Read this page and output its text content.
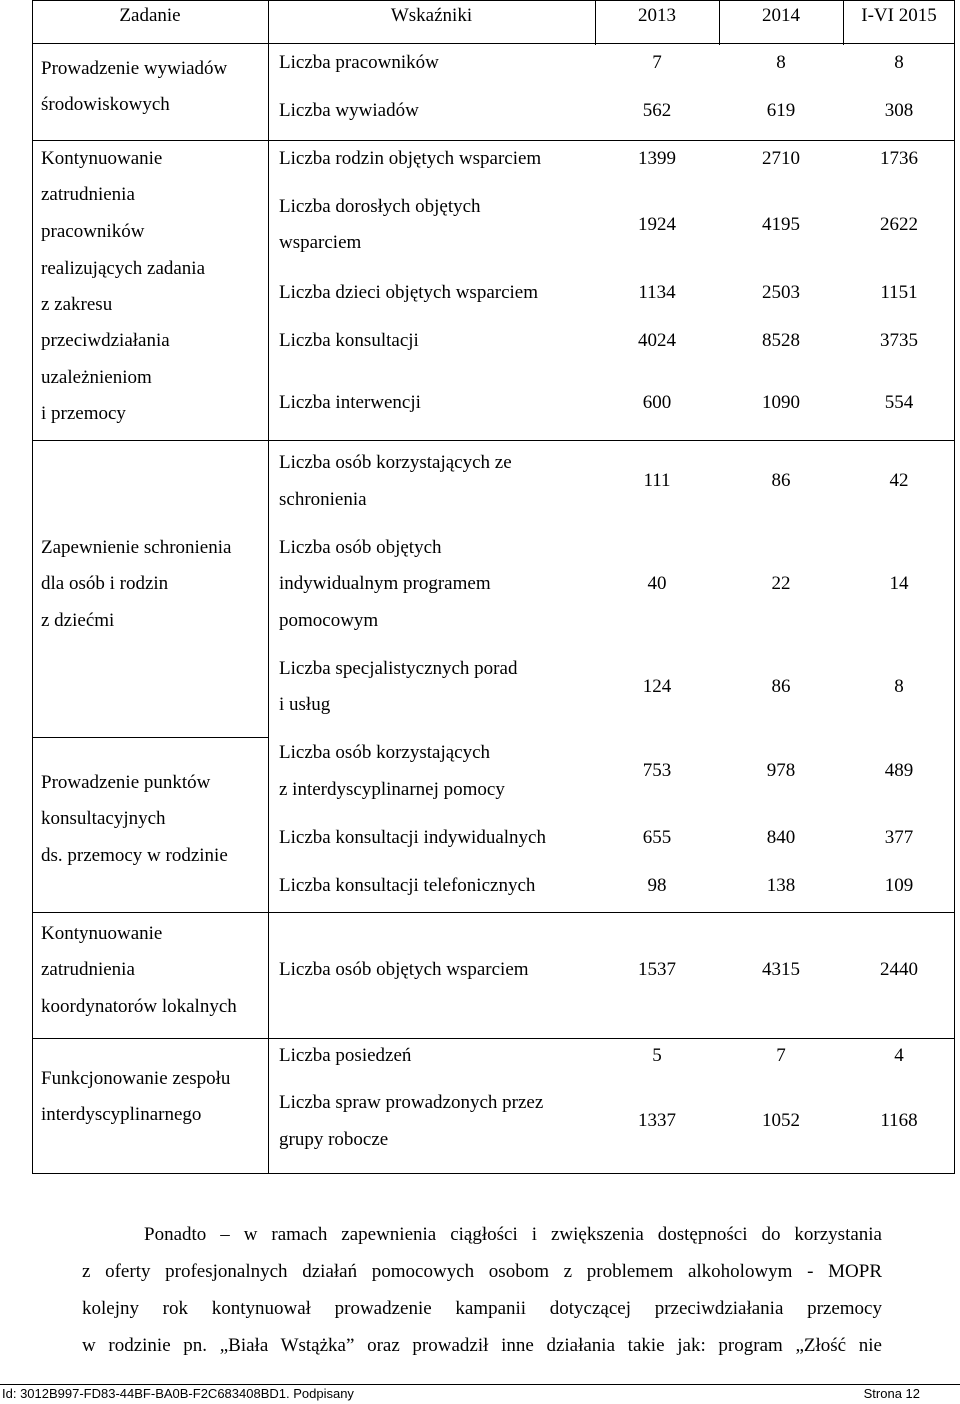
Zadanie	Wskaźniki	2013	2014	I-VI 2015
Prowadzenie wywiadów
środowiskowych
Liczba pracowników	7	8	8
Liczba wywiadów	562	619	308
Kontynuowanie
zatrudnienia
pracowników
realizujących zadania
z zakresu
przeciwdziałania
uzależnieniom
i przemocy
Liczba rodzin objętych wsparciem	1399	2710	1736
Liczba dorosłych objętych
wsparciem
1924	4195	2622
Liczba dzieci objętych wsparciem	1134	2503	1151
Liczba konsultacji	4024	8528	3735
Liczba interwencji	600	1090	554
Zapewnienie schronienia
dla osób i rodzin
z dziećmi
Liczba osób korzystających ze
schronienia
111	86	42
Liczba osób objętych
indywidualnym programem
pomocowym
40	22	14
Liczba specjalistycznych porad
i usług
124	86	8
Prowadzenie punktów
konsultacyjnych
ds. przemocy w rodzinie
Liczba osób korzystających
z interdyscyplinarnej pomocy
753	978	489
Liczba konsultacji indywidualnych	655	840	377
Liczba konsultacji telefonicznych	98	138	109
Kontynuowanie
zatrudnienia
koordynatorów lokalnych
Liczba osób objętych wsparciem	1537	4315	2440
Funkcjonowanie zespołu
interdyscyplinarnego
Liczba posiedzeń	5	7	4
Liczba spraw prowadzonych przez
grupy robocze
1337	1052	1168
Ponadto – w ramach zapewnienia ciągłości i zwiększenia dostępności do korzystania
z oferty profesjonalnych działań pomocowych osobom z problemem alkoholowym - MOPR
kolejny rok kontynuował prowadzenie kampanii dotyczącej przeciwdziałania przemocy
w rodzinie pn. „Biała Wstążka” oraz prowadził inne działania takie jak: program „Złość nie
Id: 3012B997-FD83-44BF-BA0B-F2C683408BD1. Podpisany	Strona 12
